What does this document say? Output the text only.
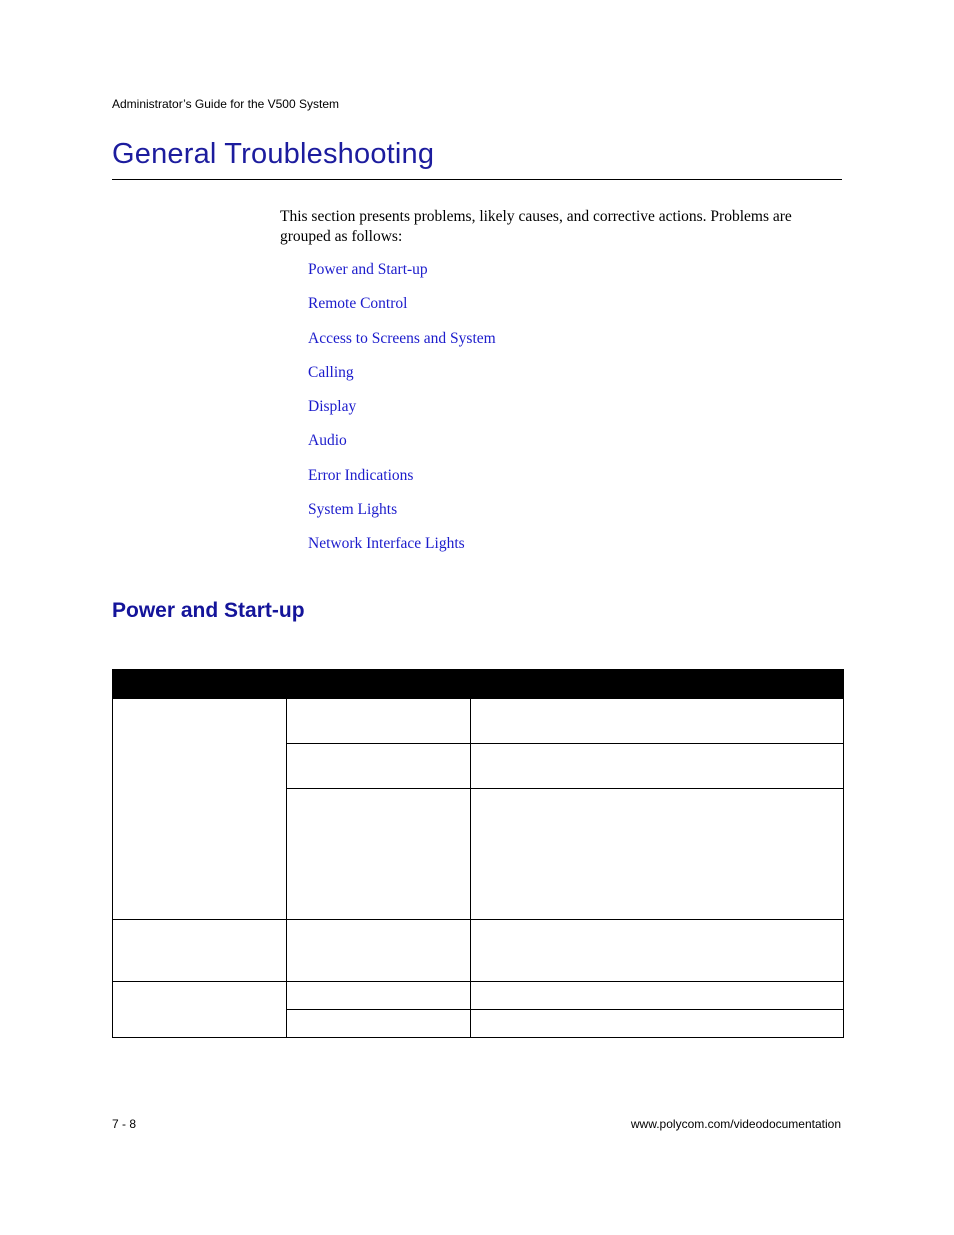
Administrator’s Guide for the V500 System
General Troubleshooting

This section presents problems, likely causes, and corrective actions. Problems are grouped as follows:

Power and Start-up
Remote Control
Access to Screens and System
Calling
Display
Audio
Error Indications
System Lights
Network Interface Lights
Power and Start-up

7 - 8	www.polycom.com/videodocumentation
